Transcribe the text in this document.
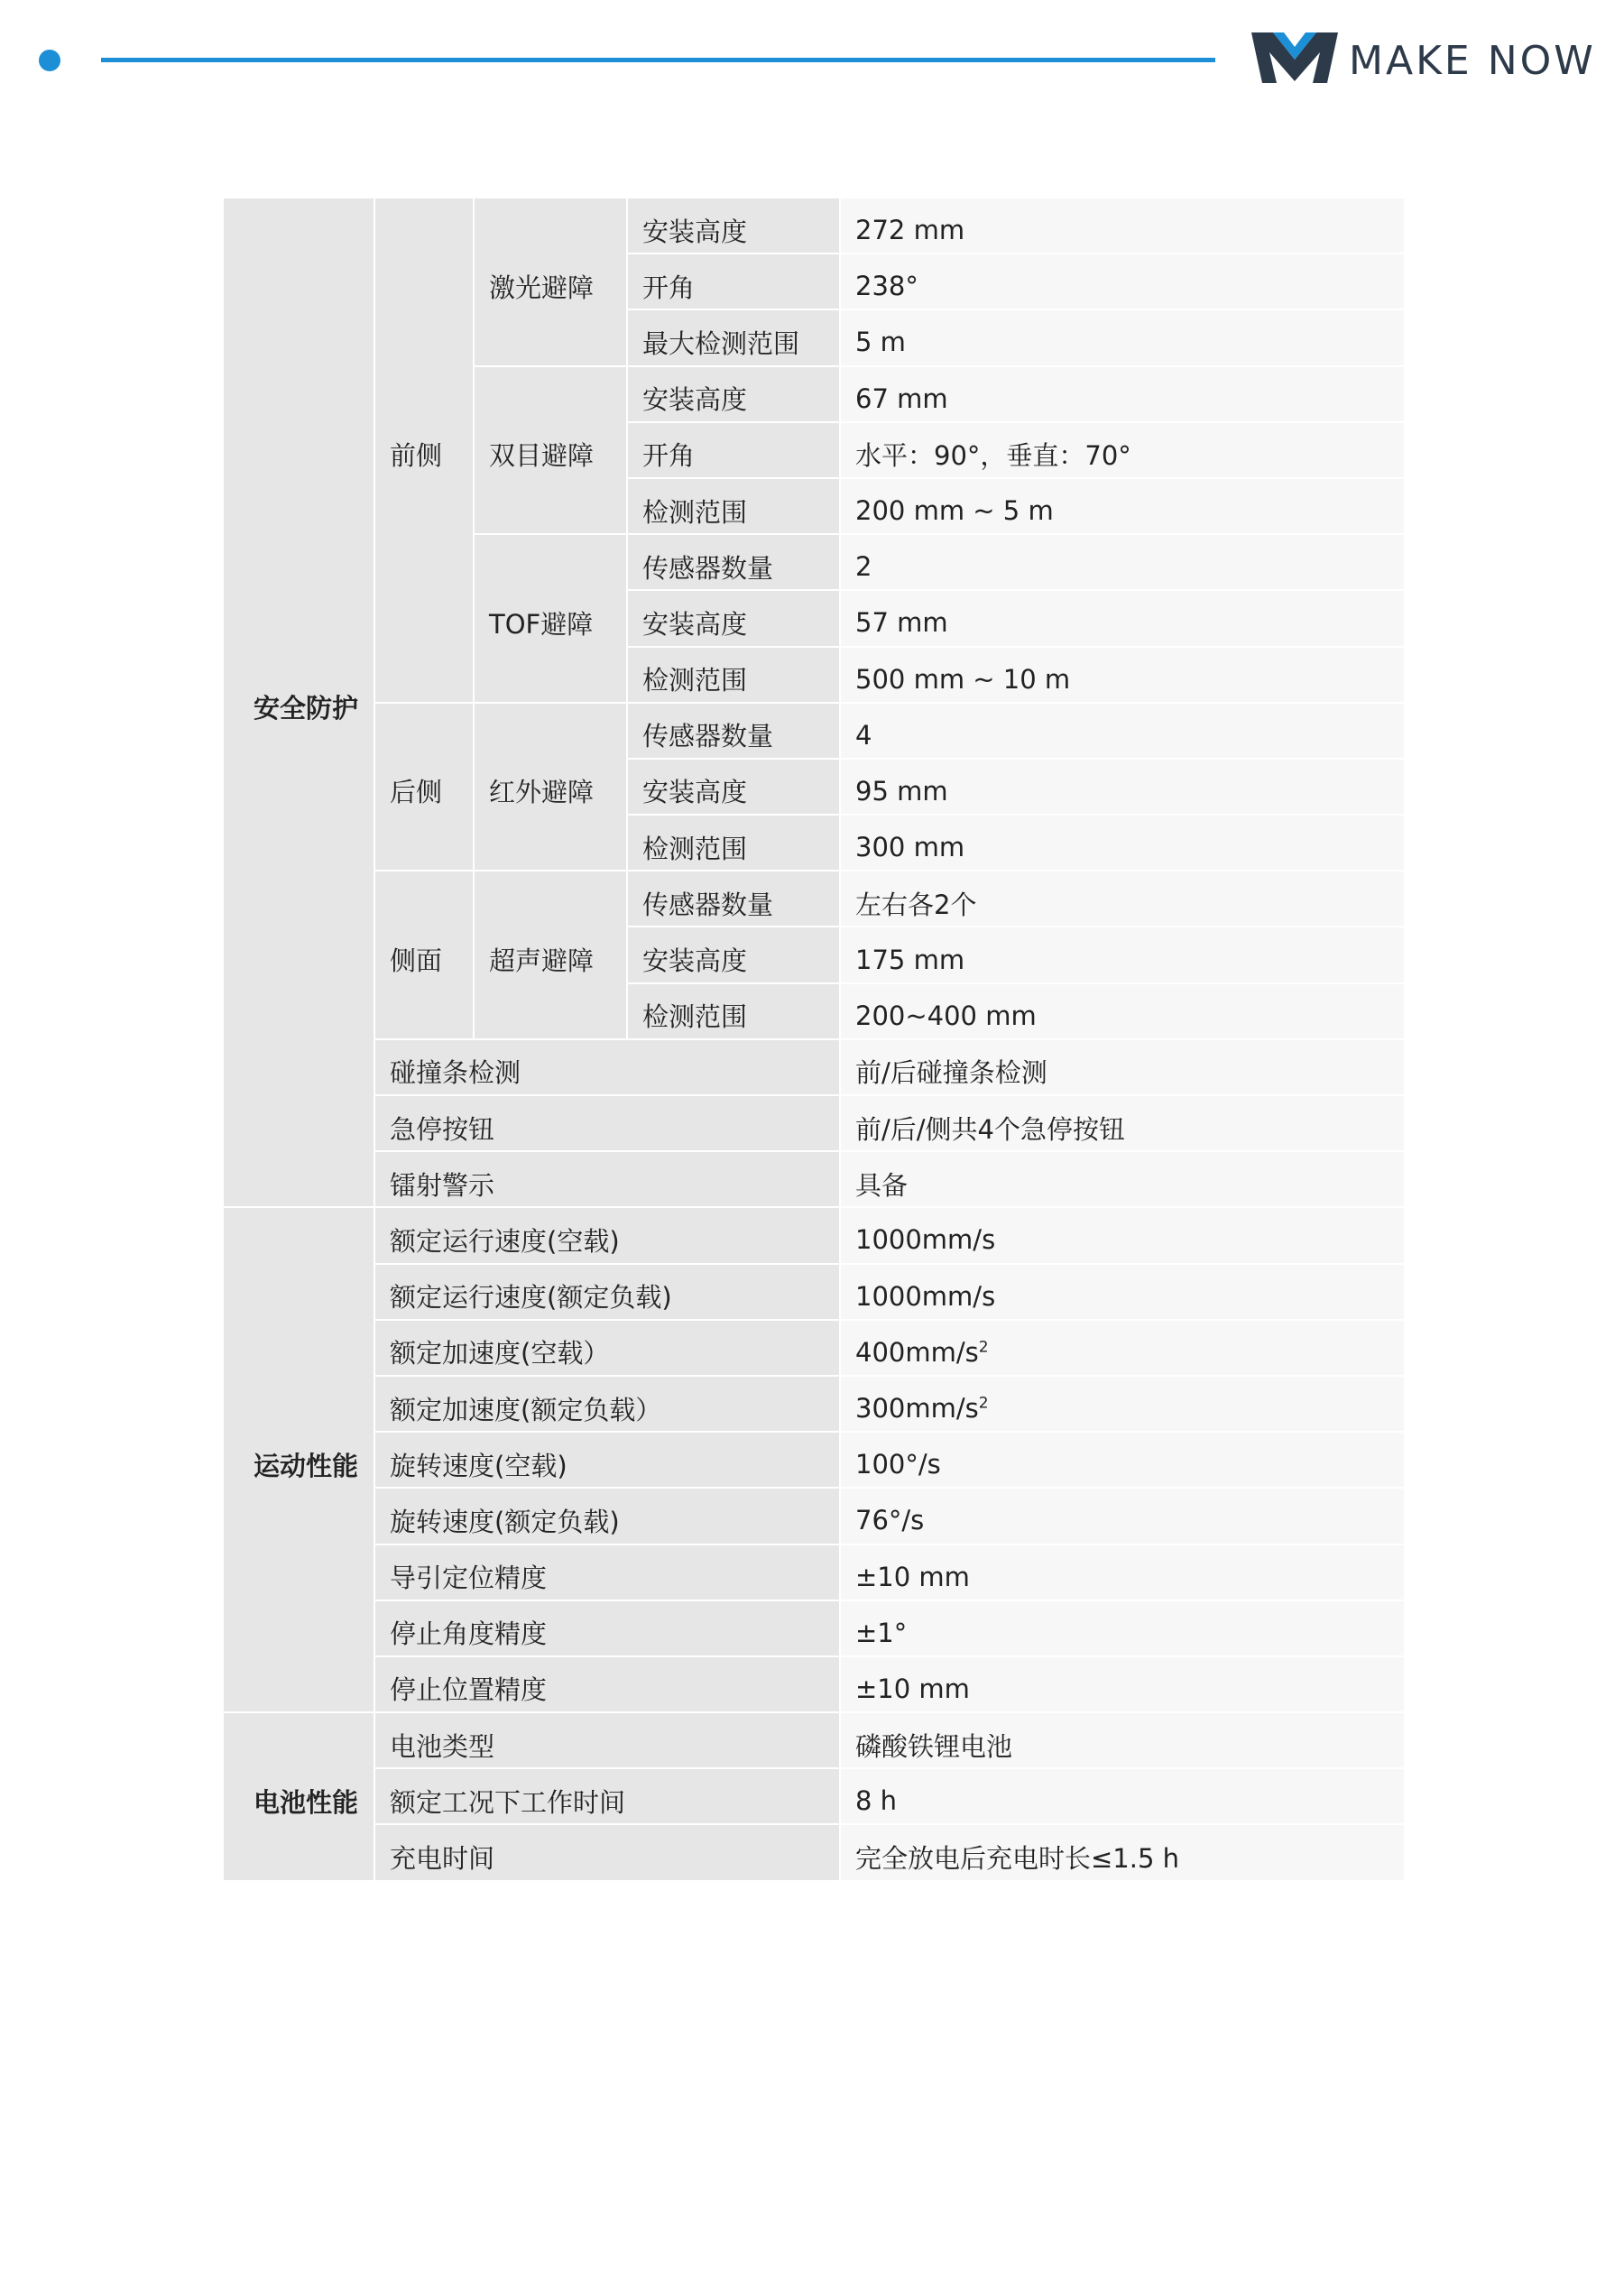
MAKE NOW
安全防护	前侧	激光避障	安装高度	272 mm
			开角	238°
			最大检测范围	5 m
		双目避障	安装高度	67 mm
			开角	水平：90°，垂直：70°
			检测范围	200 mm ~ 5 m
		TOF避障	传感器数量	2
			安装高度	57 mm
			检测范围	500 mm ~ 10 m
	后侧	红外避障	传感器数量	4
			安装高度	95 mm
			检测范围	300 mm
	侧面	超声避障	传感器数量	左右各2个
			安装高度	175 mm
			检测范围	200~400 mm
	碰撞条检测			前/后碰撞条检测
	急停按钮			前/后/侧共4个急停按钮
	镭射警示			具备
运动性能	额定运行速度(空载)			1000mm/s
	额定运行速度(额定负载)			1000mm/s
	额定加速度(空载）			$400mm/s^2$
	额定加速度(额定负载）			$300mm/s^2$
	旋转速度(空载)			100°/s
	旋转速度(额定负载)			76°/s
	导引定位精度			±10 mm
	停止角度精度			±1°
	停止位置精度			±10 mm
电池性能	电池类型			磷酸铁锂电池
	额定工况下工作时间			8 h
	充电时间			完全放电后充电时长≤1.5 h
